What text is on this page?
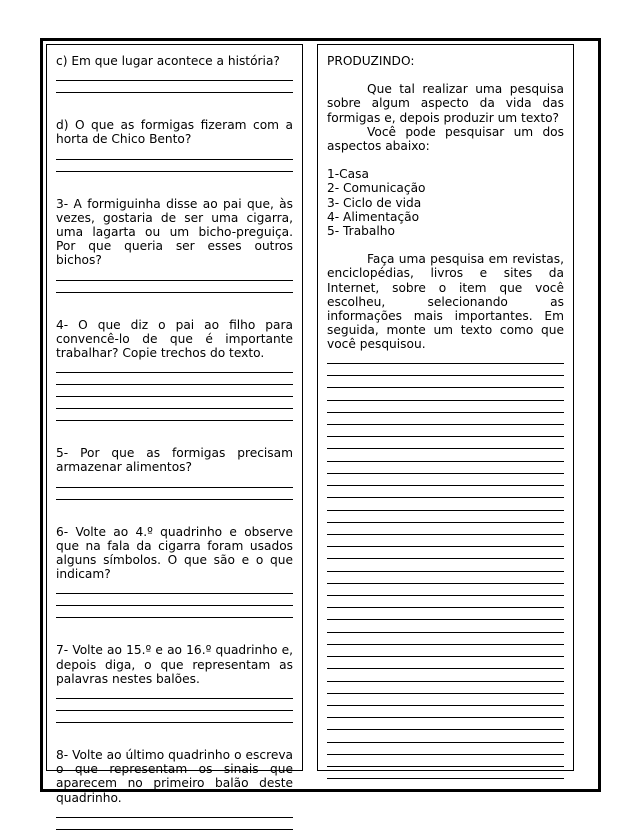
c) Em que lugar acontece a história?

d) O que as formigas fizeram com a horta de Chico Bento?

3- A formiguinha disse ao pai que, às vezes, gostaria de ser uma cigarra, uma lagarta ou um bicho-preguiça. Por que queria ser esses outros bichos?

4- O que diz o pai ao filho para convencê-lo de que é importante trabalhar? Copie trechos do texto.

5- Por que as formigas precisam armazenar alimentos?

6- Volte ao 4.º quadrinho e observe que na fala da cigarra foram usados alguns símbolos. O que são e o que indicam?

7- Volte ao 15.º e ao 16.º quadrinho e, depois diga, o que representam as palavras nestes balões.

8- Volte ao último quadrinho o escreva o que representam os sinais que aparecem no primeiro balão deste quadrinho.

PRODUZINDO:

Que tal realizar uma pesquisa sobre algum aspecto da vida das formigas e, depois produzir um texto?

Você pode pesquisar um dos aspectos abaixo:

1-Casa

2- Comunicação

3- Ciclo de vida

4- Alimentação

5- Trabalho

Faça uma pesquisa em revistas, enciclopédias, livros e sites da Internet, sobre o item que você escolheu, selecionando as informações mais importantes. Em seguida, monte um texto como que você pesquisou.
